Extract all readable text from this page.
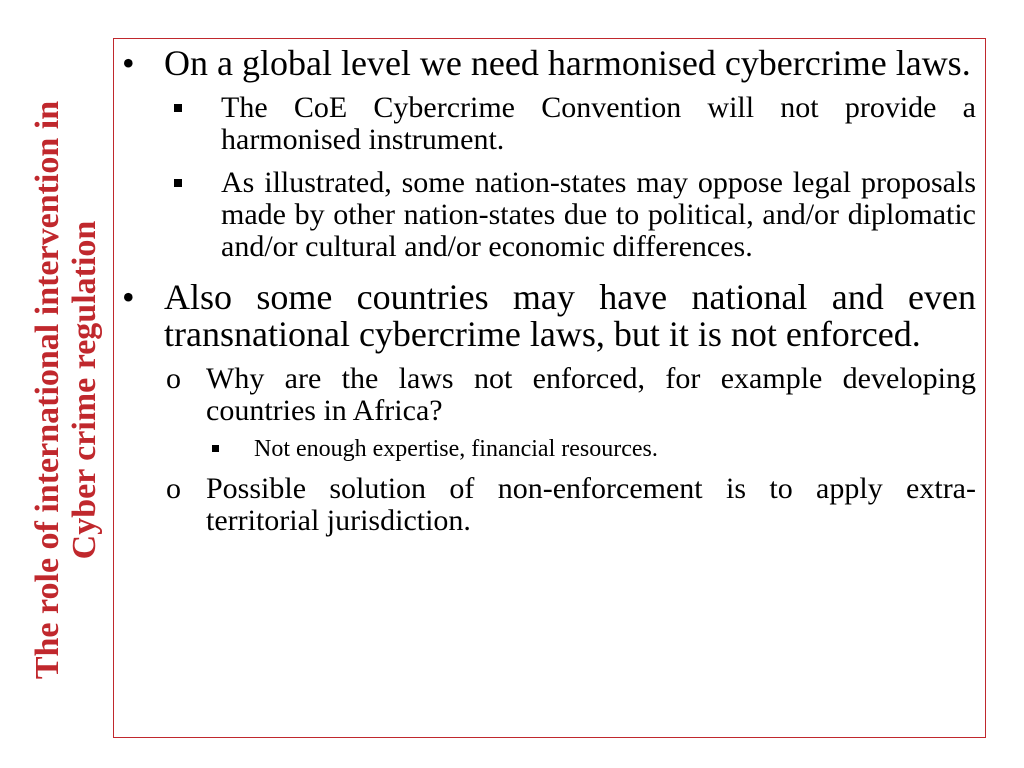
The role of international intervention in Cyber crime regulation
• On a global level we need harmonised cybercrime laws.
The CoE Cybercrime Convention will not provide a harmonised instrument.
As illustrated, some nation-states may oppose legal proposals made by other nation-states due to political, and/or diplomatic and/or cultural and/or economic differences.
• Also some countries may have national and even transnational cybercrime laws, but it is not enforced.
o Why are the laws not enforced, for example developing countries in Africa?
Not enough expertise, financial resources.
o Possible solution of non-enforcement is to apply extra-territorial jurisdiction.
